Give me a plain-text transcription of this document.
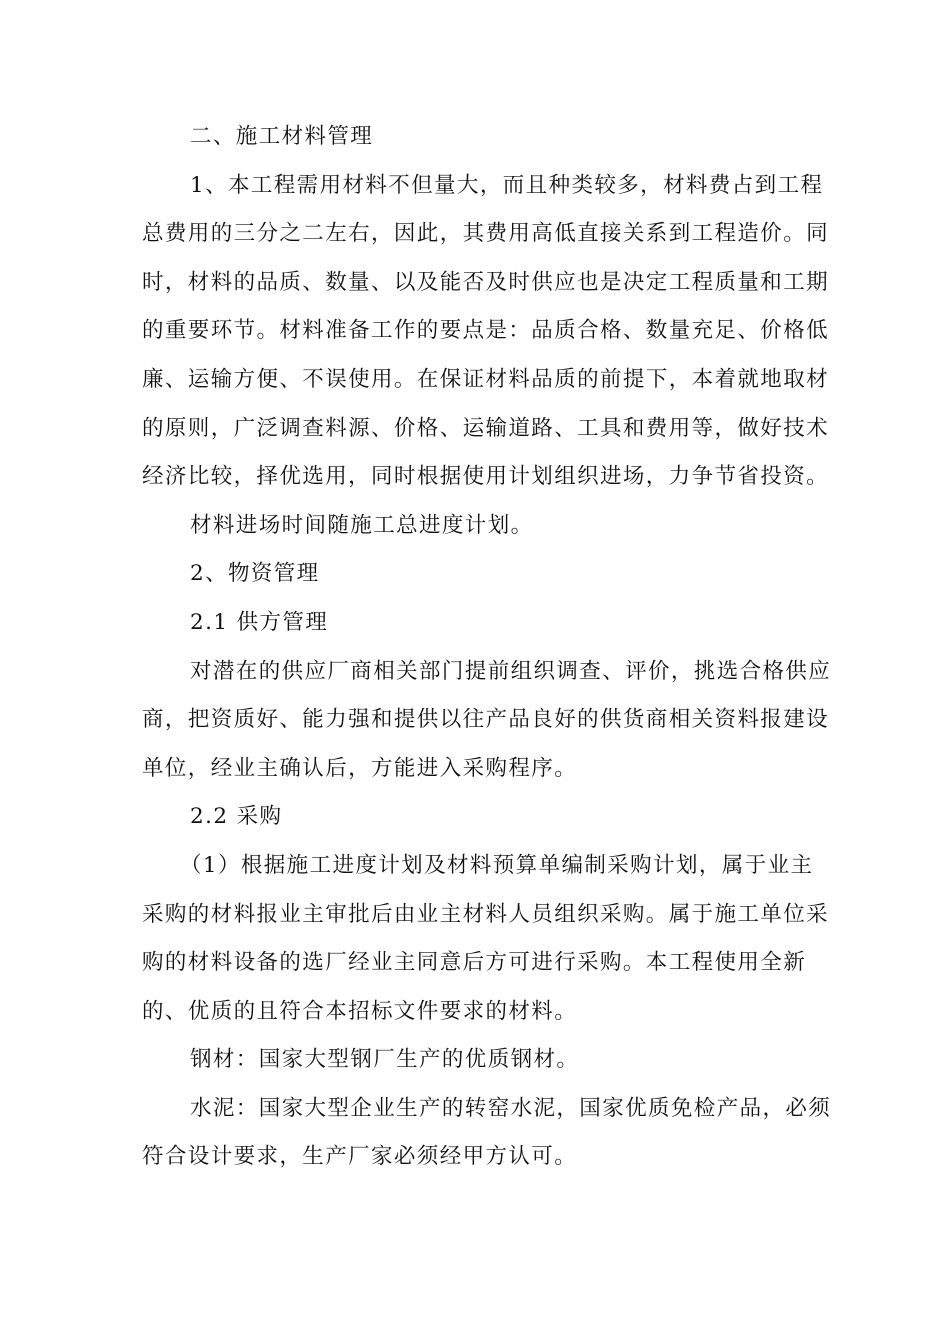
二、施工材料管理
1、本工程需用材料不但量大，而且种类较多，材料费占到工程
总费用的三分之二左右，因此，其费用高低直接关系到工程造价。同
时，材料的品质、数量、以及能否及时供应也是决定工程质量和工期
的重要环节。材料准备工作的要点是：品质合格、数量充足、价格低
廉、运输方便、不误使用。在保证材料品质的前提下，本着就地取材
的原则，广泛调查料源、价格、运输道路、工具和费用等，做好技术
经济比较，择优选用，同时根据使用计划组织进场，力争节省投资。
材料进场时间随施工总进度计划。
2、物资管理
2.1 供方管理
对潜在的供应厂商相关部门提前组织调查、评价，挑选合格供应
商，把资质好、能力强和提供以往产品良好的供货商相关资料报建设
单位，经业主确认后，方能进入采购程序。
2.2 采购
（1）根据施工进度计划及材料预算单编制采购计划，属于业主
采购的材料报业主审批后由业主材料人员组织采购。属于施工单位采
购的材料设备的选厂经业主同意后方可进行采购。本工程使用全新
的、优质的且符合本招标文件要求的材料。
钢材：国家大型钢厂生产的优质钢材。
水泥：国家大型企业生产的转窑水泥，国家优质免检产品，必须
符合设计要求，生产厂家必须经甲方认可。
